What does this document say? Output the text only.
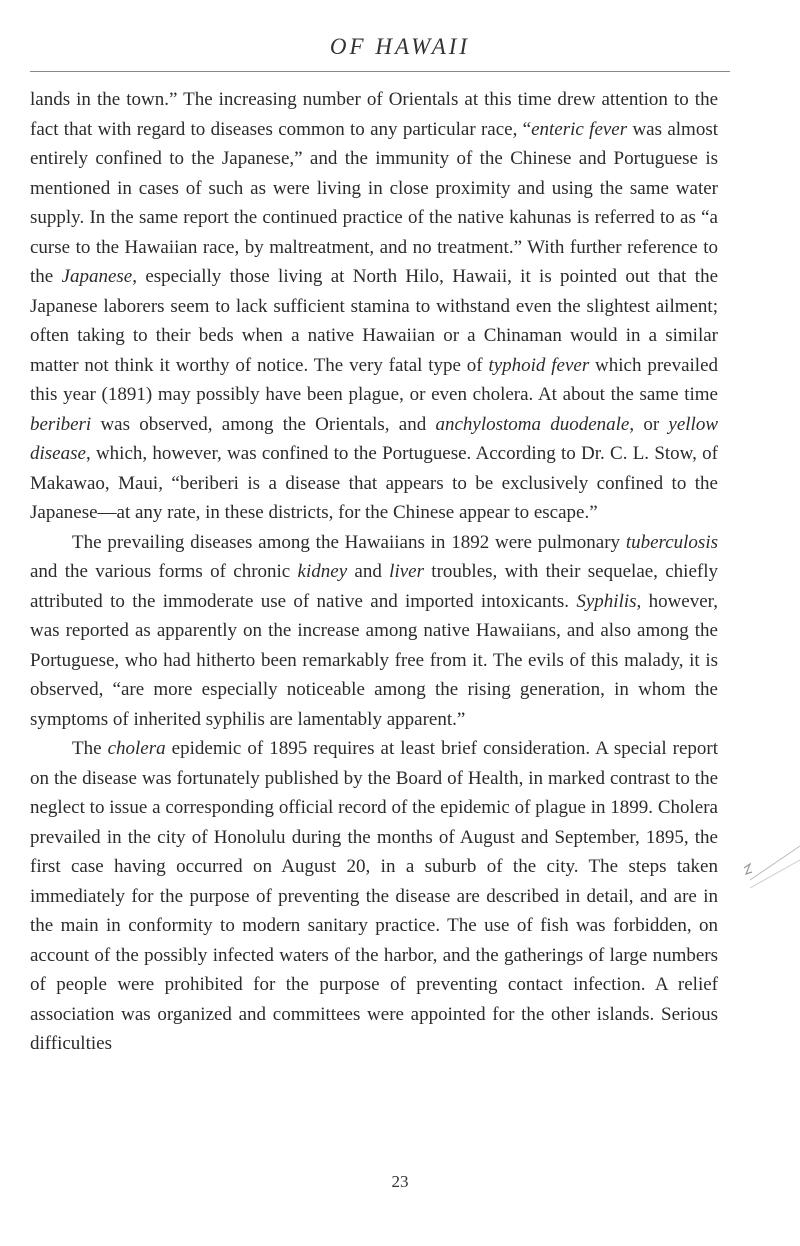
OF HAWAII

lands in the town.” The increasing number of Orientals at this time drew attention to the fact that with regard to diseases common to any particular race, “enteric fever was almost entirely confined to the Japanese,” and the immunity of the Chinese and Portuguese is mentioned in cases of such as were living in close proximity and using the same water supply. In the same report the continued practice of the native kahunas is referred to as “a curse to the Hawaiian race, by maltreatment, and no treatment.” With further reference to the Japanese, especially those living at North Hilo, Hawaii, it is pointed out that the Japanese laborers seem to lack sufficient stamina to withstand even the slightest ailment; often taking to their beds when a native Hawaiian or a Chinaman would in a similar matter not think it worthy of notice. The very fatal type of typhoid fever which prevailed this year (1891) may possibly have been plague, or even cholera. At about the same time beriberi was observed, among the Orientals, and anchylostoma duodenale, or yellow disease, which, however, was confined to the Portuguese. According to Dr. C. L. Stow, of Makawao, Maui, “beriberi is a disease that appears to be exclusively confined to the Japanese—at any rate, in these districts, for the Chinese appear to escape.”

The prevailing diseases among the Hawaiians in 1892 were pulmonary tuberculosis and the various forms of chronic kidney and liver troubles, with their sequelae, chiefly attributed to the immoderate use of native and imported intoxicants. Syphilis, however, was reported as apparently on the increase among native Hawaiians, and also among the Portuguese, who had hitherto been remarkably free from it. The evils of this malady, it is observed, “are more especially noticeable among the rising generation, in whom the symptoms of inherited syphilis are lamentably apparent.”

The cholera epidemic of 1895 requires at least brief consideration. A special report on the disease was fortunately published by the Board of Health, in marked contrast to the neglect to issue a corresponding official record of the epidemic of plague in 1899. Cholera prevailed in the city of Honolulu during the months of August and September, 1895, the first case having occurred on August 20, in a suburb of the city. The steps taken immediately for the purpose of preventing the disease are described in detail, and are in the main in conformity to modern sanitary practice. The use of fish was forbidden, on account of the possibly infected waters of the harbor, and the gatherings of large numbers of people were prohibited for the purpose of preventing contact infection. A relief association was organized and committees were appointed for the other islands. Serious difficulties

23
